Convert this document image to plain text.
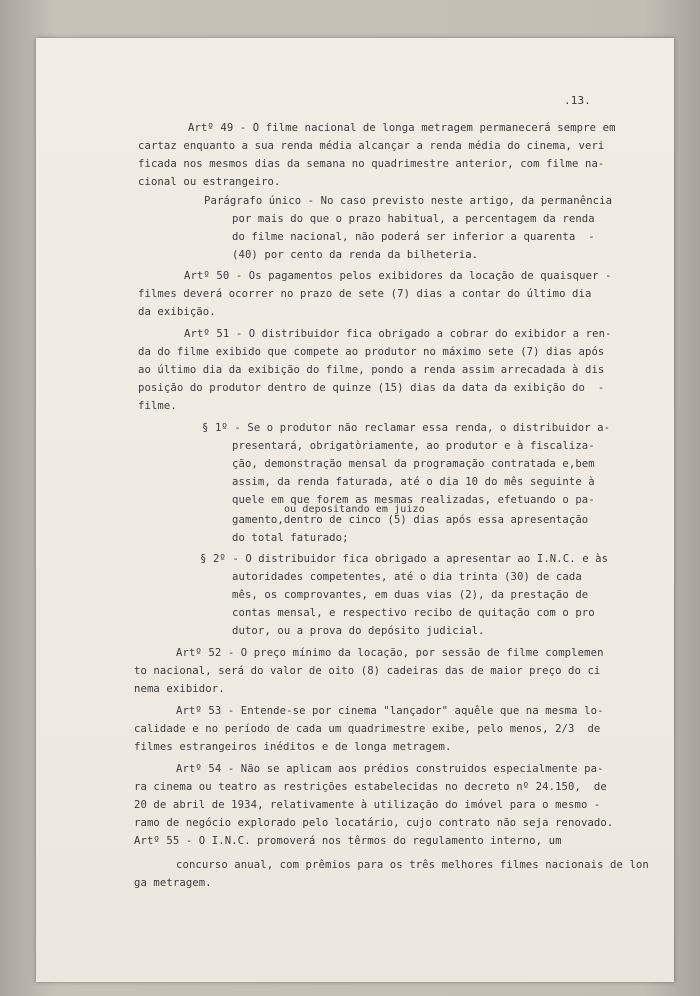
.13.
Artº 49 - O filme nacional de longa metragem permanecerá sempre em
cartaz enquanto a sua renda média alcançar a renda média do cinema, veri
ficada nos mesmos dias da semana no quadrimestre anterior, com filme na-
cional ou estrangeiro.
Parágrafo único - No caso previsto neste artigo, da permanência
por mais do que o prazo habitual, a percentagem da renda
do filme nacional, não poderá ser inferior a quarenta  -
(40) por cento da renda da bilheteria.
Artº 50 - Os pagamentos pelos exibidores da locação de quaisquer -
filmes deverá ocorrer no prazo de sete (7) dias a contar do último dia
da exibição.
Artº 51 - O distribuidor fica obrigado a cobrar do exibidor a ren-
da do filme exibido que compete ao produtor no máximo sete (7) dias após
ao último dia da exibição do filme, pondo a renda assim arrecadada à dis
posição do produtor dentro de quinze (15) dias da data da exibição do  -
filme.
§ 1º - Se o produtor não reclamar essa renda, o distribuidor a-
presentará, obrigatòriamente, ao produtor e à fiscaliza-
ção, demonstração mensal da programação contratada e,bem
assim, da renda faturada, até o dia 10 do mês seguinte à
quele em que forem as mesmas realizadas, efetuando o pa-
ou depositando em juizo
gamento,dentro de cinco (5) dias após essa apresentação
do total faturado;
§ 2º - O distribuidor fica obrigado a apresentar ao I.N.C. e às
autoridades competentes, até o dia trinta (30) de cada
mês, os comprovantes, em duas vias (2), da prestação de
contas mensal, e respectivo recibo de quitação com o pro
dutor, ou a prova do depósito judicial.
Artº 52 - O preço mínimo da locação, por sessão de filme complemen
to nacional, será do valor de oito (8) cadeiras das de maior preço do ci
nema exibidor.
Artº 53 - Entende-se por cinema "lançador" aquêle que na mesma lo-
calidade e no período de cada um quadrimestre exibe, pelo menos, 2/3  de
filmes estrangeiros inéditos e de longa metragem.
Artº 54 - Não se aplicam aos prédios construidos especialmente pa-
ra cinema ou teatro as restrições estabelecidas no decreto nº 24.150,  de
20 de abril de 1934, relativamente à utilização do imóvel para o mesmo -
ramo de negócio explorado pelo locatário, cujo contrato não seja renovado.
Artº 55 - O I.N.C. promoverá nos têrmos do regulamento interno, um
concurso anual, com prêmios para os três melhores filmes nacionais de lon
ga metragem.
